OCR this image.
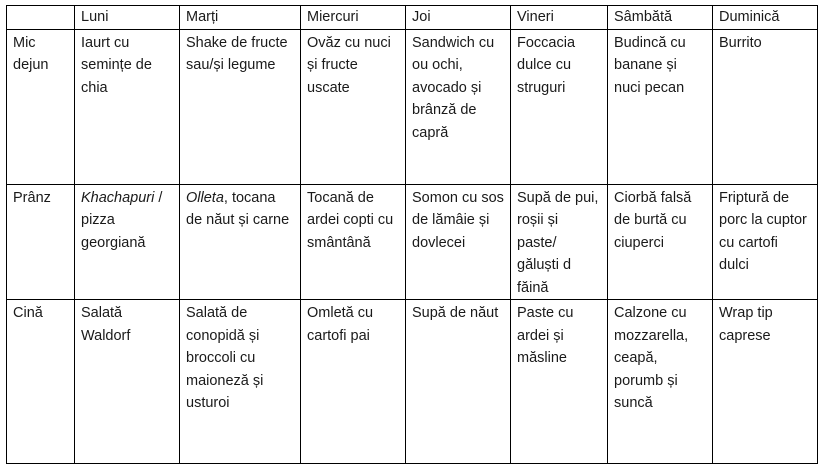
	Luni	Marți	Miercuri	Joi	Vineri	Sâmbătă	Duminică
Mic dejun	Iaurt cu semințe de chia	Shake de fructe sau/și legume	Ovăz cu nuci și fructe uscate	Sandwich cu ou ochi, avocado și brânză de capră	Foccacia dulce cu struguri	Budincă cu banane și nuci pecan	Burrito
Prânz	Khachapuri / pizza georgiană	Olleta, tocana de năut și carne	Tocană de ardei copti cu smântână	Somon cu sos de lămâie și dovlecei	Supă de pui, roșii și paste/ găluști d făină	Ciorbă falsă de burtă cu ciuperci	Friptură de porc la cuptor cu cartofi dulci
Cină	Salată Waldorf	Salată de conopidă și broccoli cu maioneză și usturoi	Omletă cu cartofi pai	Supă de năut	Paste cu ardei și măsline	Calzone cu mozzarella, ceapă, porumb și suncă	Wrap tip caprese
